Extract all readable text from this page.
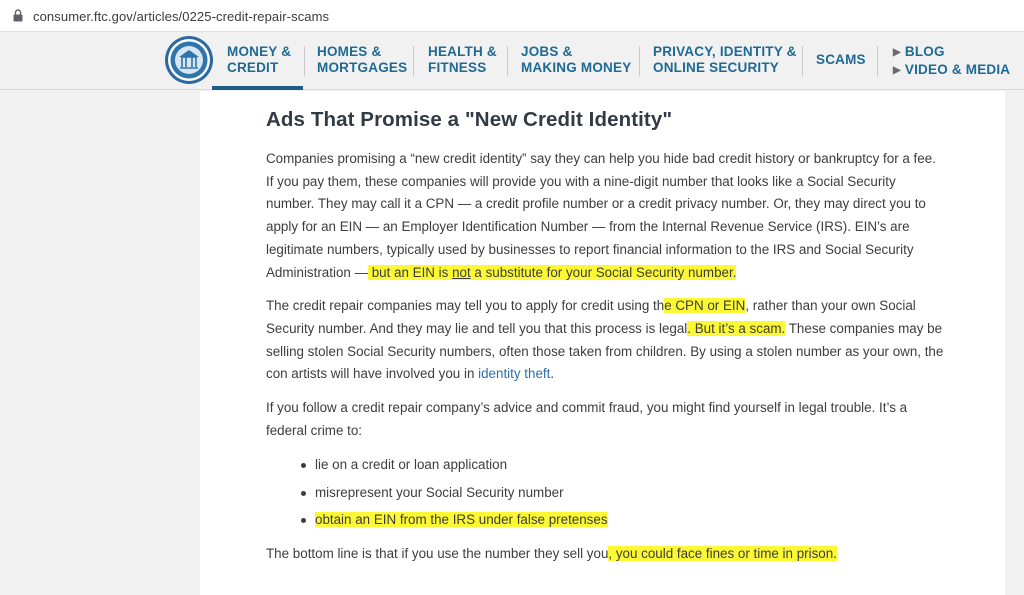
consumer.ftc.gov/articles/0225-credit-repair-scams
MONEY &
CREDIT
HOMES &
MORTGAGES
HEALTH &
FITNESS
JOBS &
MAKING MONEY
PRIVACY, IDENTITY &
ONLINE SECURITY
SCAMS	▶ BLOG
▶ VIDEO & MEDIA
Ads That Promise a "New Credit Identity"

Companies promising a “new credit identity” say they can help you hide bad credit history or bankruptcy for a fee. If you pay them, these companies will provide you with a nine-digit number that looks like a Social Security number. They may call it a CPN — a credit profile number or a credit privacy number. Or, they may direct you to apply for an EIN — an Employer Identification Number — from the Internal Revenue Service (IRS). EIN’s are legitimate numbers, typically used by businesses to report financial information to the IRS and Social Security Administration — but an EIN is not a substitute for your Social Security number.

The credit repair companies may tell you to apply for credit using the CPN or EIN, rather than your own Social Security number. And they may lie and tell you that this process is legal. But it’s a scam. These companies may be selling stolen Social Security numbers, often those taken from children. By using a stolen number as your own, the con artists will have involved you in identity theft.

If you follow a credit repair company’s advice and commit fraud, you might find yourself in legal trouble. It’s a federal crime to:

lie on a credit or loan application
misrepresent your Social Security number
obtain an EIN from the IRS under false pretenses

The bottom line is that if you use the number they sell you, you could face fines or time in prison.
